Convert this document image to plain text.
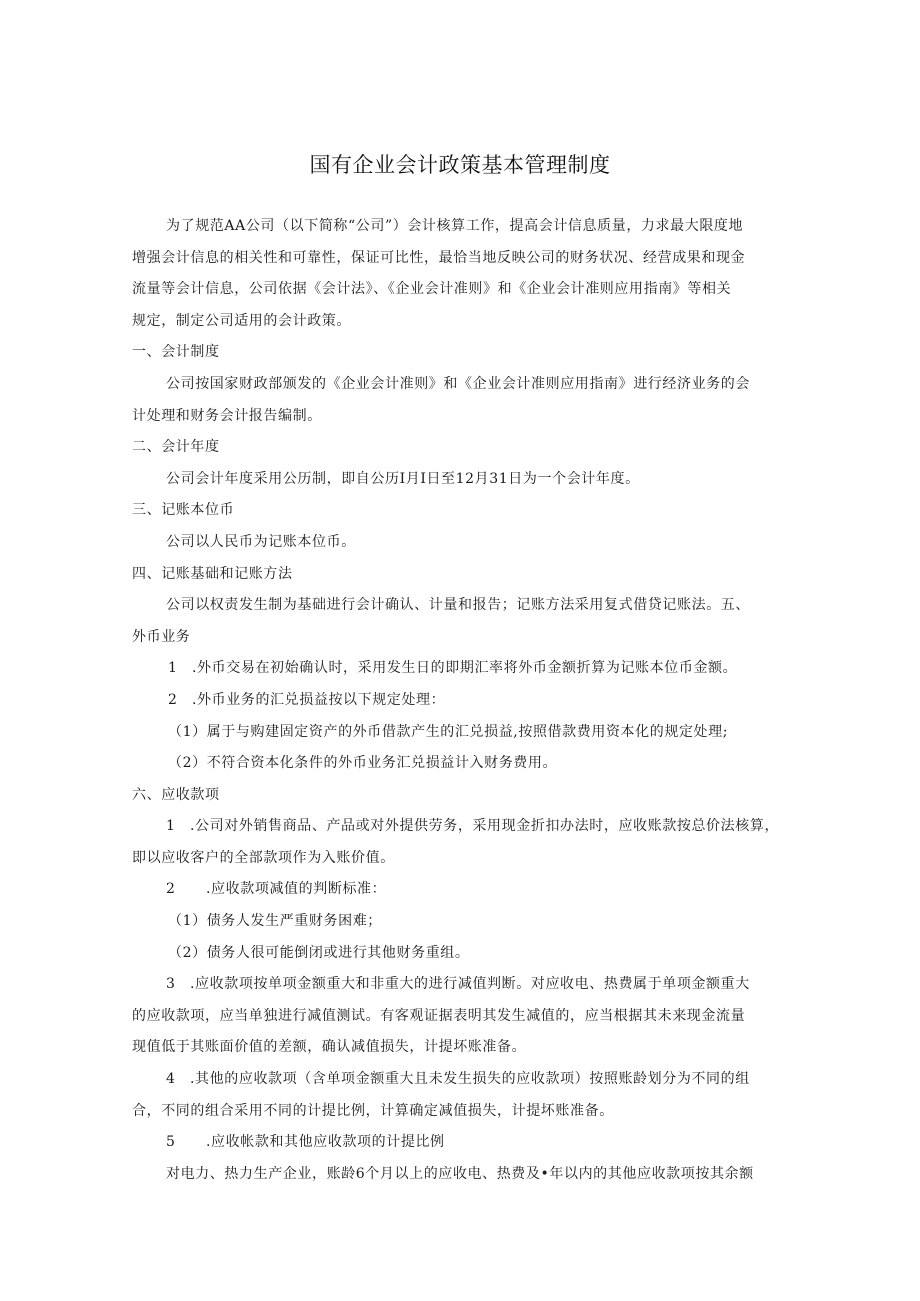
国有企业会计政策基本管理制度

为了规范AA公司（以下简称“公司”）会计核算工作，提高会计信息质量，力求最大限度地

增强会计信息的相关性和可靠性，保证可比性，最恰当地反映公司的财务状况、经营成果和现金

流量等会计信息，公司依据《会计法》、《企业会计准则》和《企业会计准则应用指南》等相关

规定，制定公司适用的会计政策。

一、会计制度

公司按国家财政部颁发的《企业会计准则》和《企业会计准则应用指南》进行经济业务的会

计处理和财务会计报告编制。

二、会计年度

公司会计年度采用公历制，即自公历I月I日至12月31日为一个会计年度。

三、记账本位币

公司以人民币为记账本位币。

四、记账基础和记账方法

公司以权责发生制为基础进行会计确认、计量和报告；记账方法采用复式借贷记账法。五、

外币业务

1 .外币交易在初始确认时，采用发生日的即期汇率将外币金额折算为记账本位币金额。

2 .外币业务的汇兑损益按以下规定处理：

（1）属于与购建固定资产的外币借款产生的汇兑损益,按照借款费用资本化的规定处理;

（2）不符合资本化条件的外币业务汇兑损益计入财务费用。

六、应收款项

1 .公司对外销售商品、产品或对外提供劳务，采用现金折扣办法时，应收账款按总价法核算，

即以应收客户的全部款项作为入账价值。

2 .应收款项减值的判断标准：

（1）债务人发生严重财务困难；

（2）债务人很可能倒闭或进行其他财务重组。

3 .应收款项按单项金额重大和非重大的进行减值判断。对应收电、热费属于单项金额重大

的应收款项，应当单独进行减值测试。有客观证据表明其发生减值的，应当根据其未来现金流量

现值低于其账面价值的差额，确认减值损失，计提坏账准备。

4 .其他的应收款项（含单项金额重大且未发生损失的应收款项）按照账龄划分为不同的组

合，不同的组合采用不同的计提比例，计算确定减值损失，计提坏账准备。

5 .应收帐款和其他应收款项的计提比例

对电力、热力生产企业，账龄6个月以上的应收电、热费及•年以内的其他应收款项按其余额
